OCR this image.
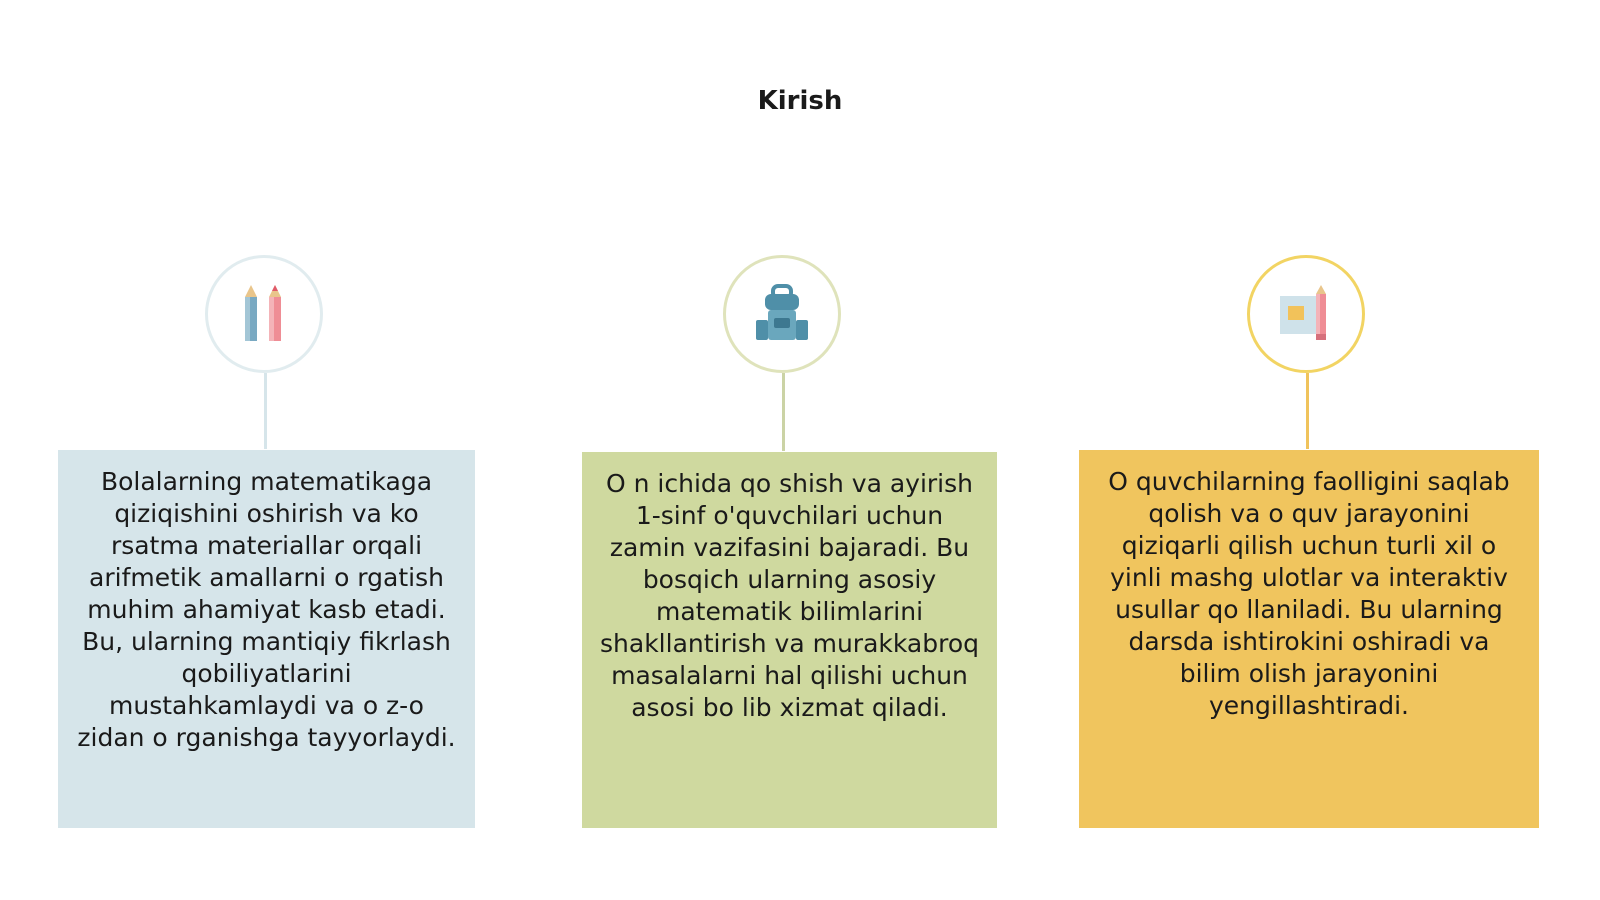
Kirish
Bolalarning matematikaga qiziqishini oshirish va ko rsatma materiallar orqali arifmetik amallarni o rgatish muhim ahamiyat kasb etadi. Bu, ularning mantiqiy fikrlash qobiliyatlarini mustahkamlaydi va o z-o zidan o rganishga tayyorlaydi.
O n ichida qo shish va ayirish 1-sinf o'quvchilari uchun zamin vazifasini bajaradi. Bu bosqich ularning asosiy matematik bilimlarini shakllantirish va murakkabroq masalalarni hal qilishi uchun asosi bo lib xizmat qiladi.
O quvchilarning faolligini saqlab qolish va o quv jarayonini qiziqarli qilish uchun turli xil o yinli mashg ulotlar va interaktiv usullar qo llaniladi. Bu ularning darsda ishtirokini oshiradi va bilim olish jarayonini yengillashtiradi.
